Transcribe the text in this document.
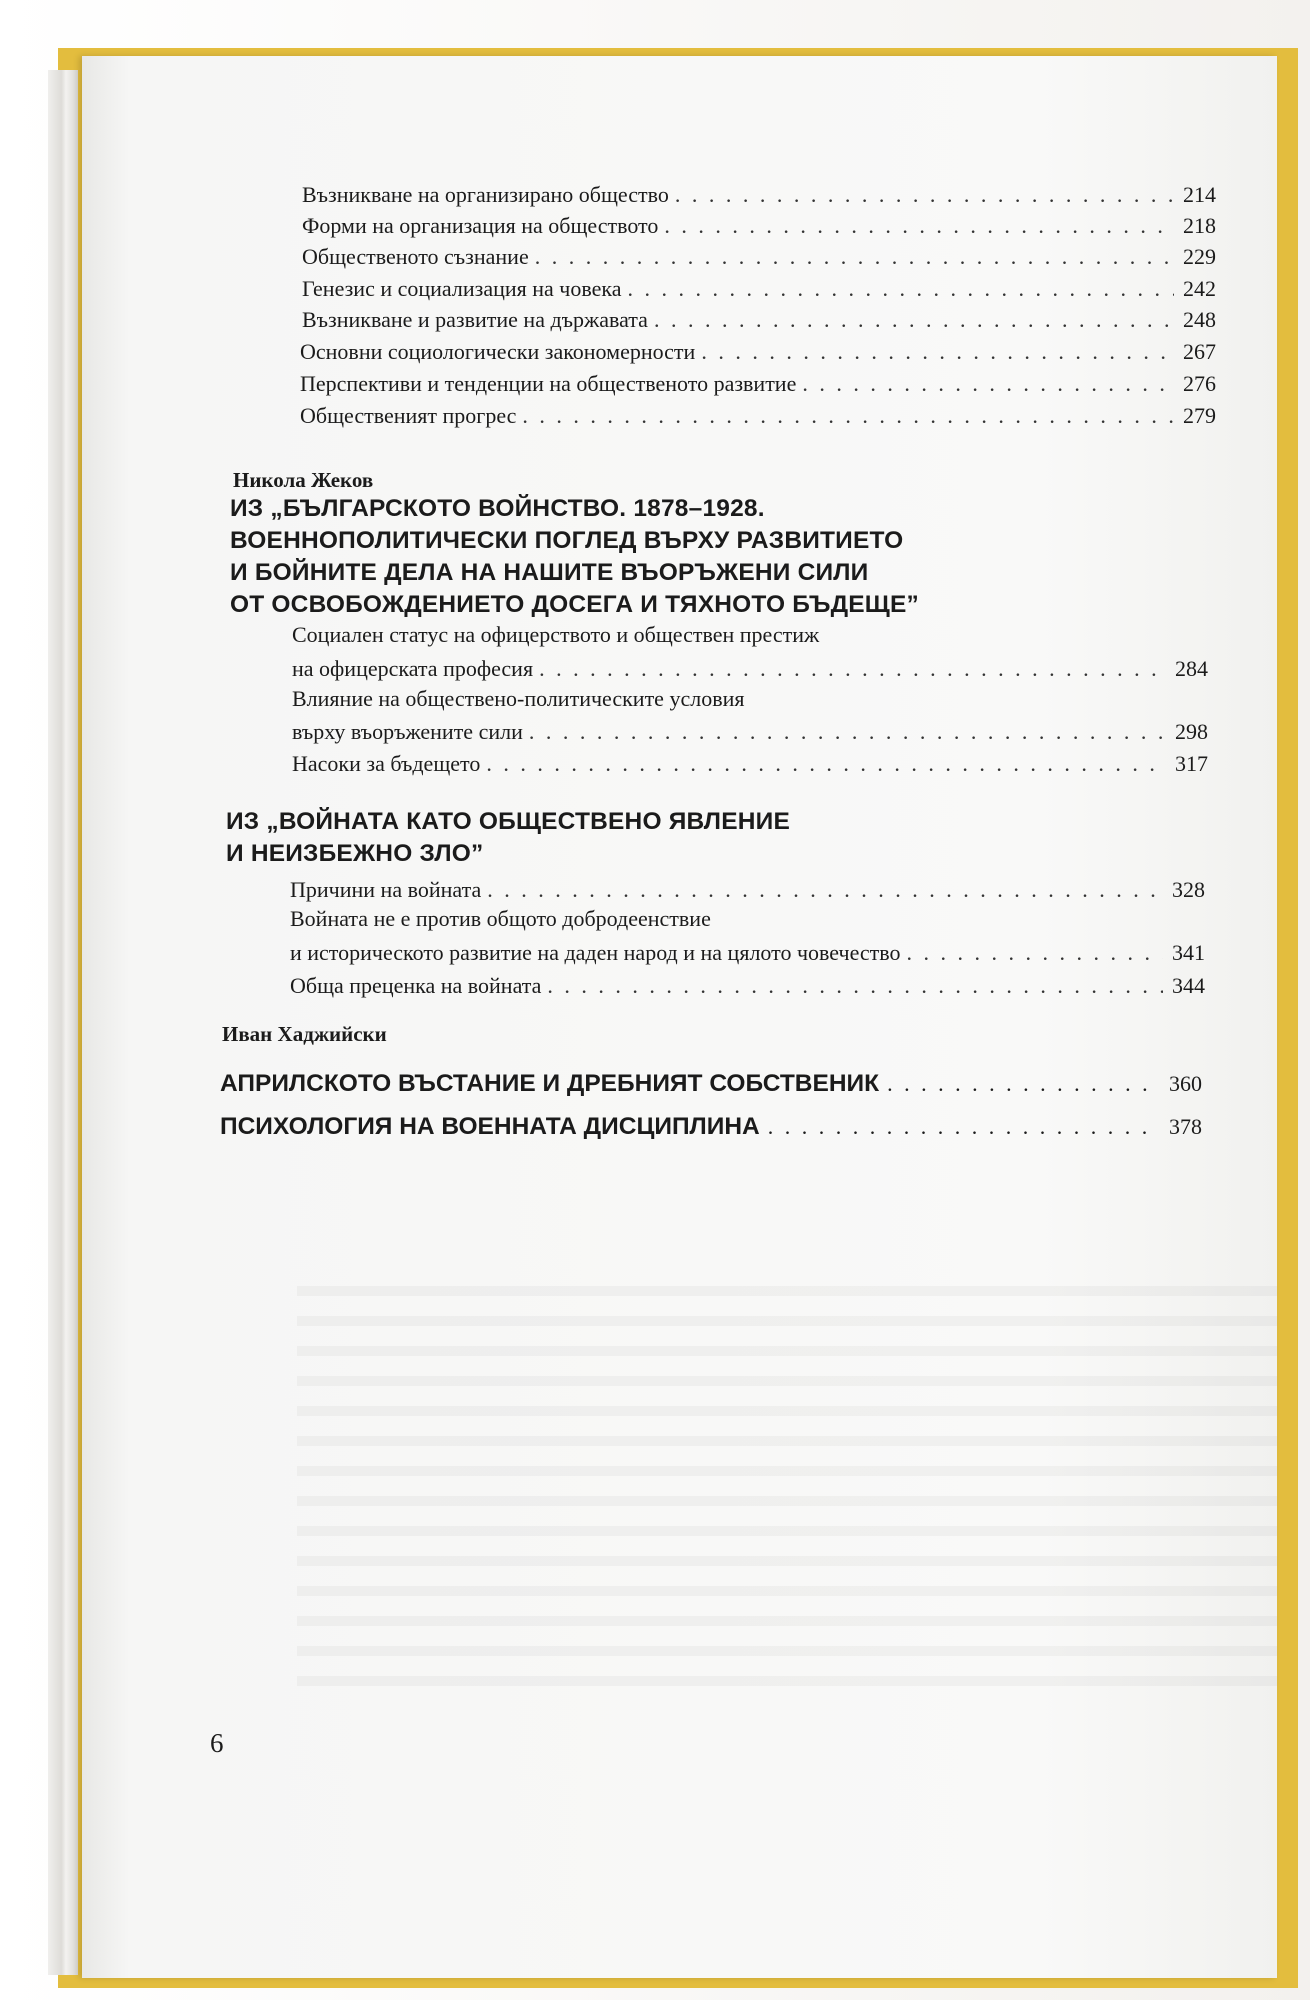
Възникване на организирано общество . . .	214
Форми на организация на обществото . . .	218
Общественото съзнание . . .	229
Генезис и социализация на човека . . .	242
Възникване и развитие на държавата . . .	248
Основни социологически закономерности . . .	267
Перспективи и тенденции на общественото развитие . . .	276
Общественият прогрес . . .	279
Никола Жеков
ИЗ „БЪЛГАРСКОТО ВОЙНСТВО. 1878–1928.
ВОЕННОПОЛИТИЧЕСКИ ПОГЛЕД ВЪРХУ РАЗВИТИЕТО
И БОЙНИТЕ ДЕЛА НА НАШИТЕ ВЪОРЪЖЕНИ СИЛИ
ОТ ОСВОБОЖДЕНИЕТО ДОСЕГА И ТЯХНОТО БЪДЕЩЕ”
Социален статус на офицерството и обществен престиж
на офицерската професия . . .	284
Влияние на обществено-политическите условия
върху въоръжените сили . . .	298
Насоки за бъдещето . . .	317
ИЗ „ВОЙНАТА КАТО ОБЩЕСТВЕНО ЯВЛЕНИЕ
И НЕИЗБЕЖНО ЗЛО”
Причини на войната . . .	328
Войната не е против общото добродеенствие
и историческото развитие на даден народ и на цялото човечество . . .	341
Обща преценка на войната . . .	344
Иван Хаджийски
АПРИЛСКОТО ВЪСТАНИЕ И ДРЕБНИЯТ СОБСТВЕНИК . . .	360
ПСИХОЛОГИЯ НА ВОЕННАТА ДИСЦИПЛИНА . . .	378
6
